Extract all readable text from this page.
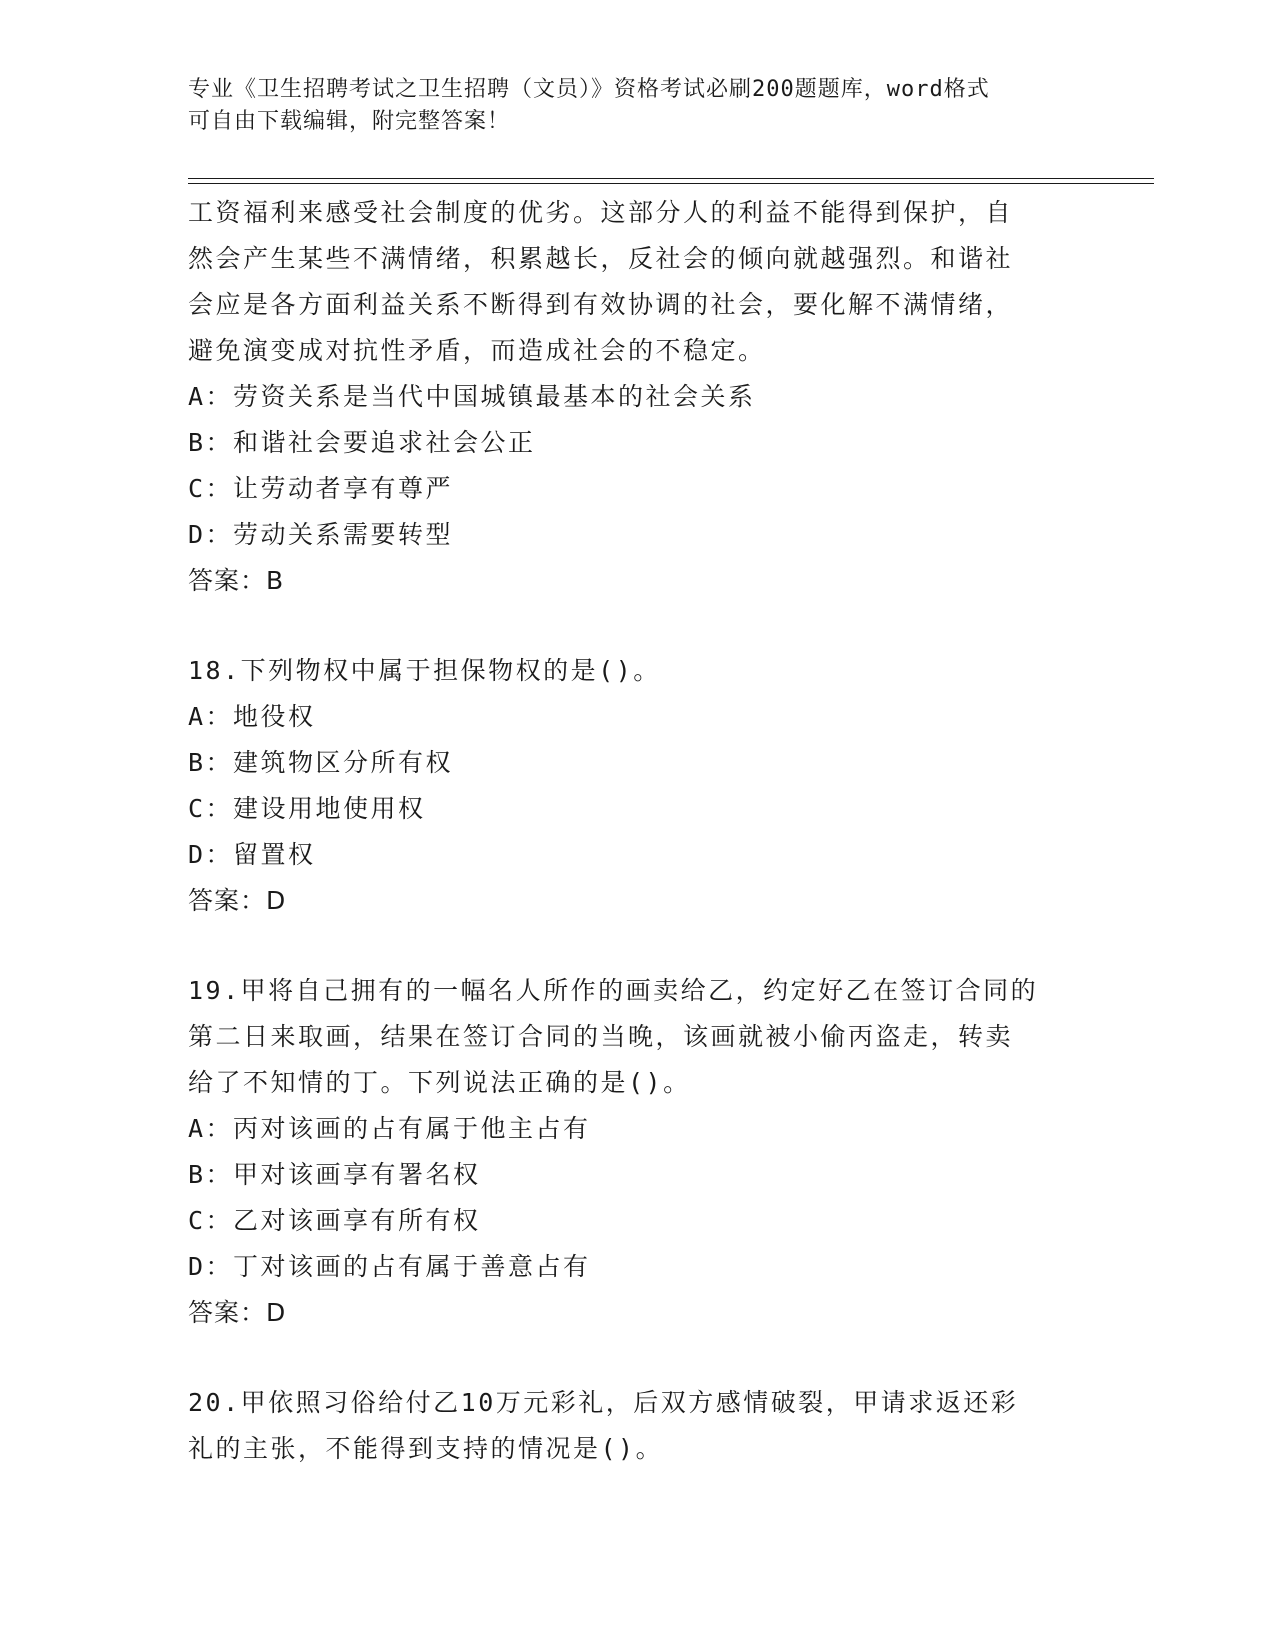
专业《卫生招聘考试之卫生招聘（文员）》资格考试必刷200题题库，word格式
可自由下载编辑，附完整答案！
工资福利来感受社会制度的优劣。这部分人的利益不能得到保护，自
然会产生某些不满情绪，积累越长，反社会的倾向就越强烈。和谐社
会应是各方面利益关系不断得到有效协调的社会，要化解不满情绪，
避免演变成对抗性矛盾，而造成社会的不稳定。
A：劳资关系是当代中国城镇最基本的社会关系
B：和谐社会要追求社会公正
C：让劳动者享有尊严
D：劳动关系需要转型
答案：B
18.下列物权中属于担保物权的是()。
A：地役权
B：建筑物区分所有权
C：建设用地使用权
D：留置权
答案：D
19.甲将自己拥有的一幅名人所作的画卖给乙，约定好乙在签订合同的
第二日来取画，结果在签订合同的当晚，该画就被小偷丙盗走，转卖
给了不知情的丁。下列说法正确的是()。
A：丙对该画的占有属于他主占有
B：甲对该画享有署名权
C：乙对该画享有所有权
D：丁对该画的占有属于善意占有
答案：D
20.甲依照习俗给付乙10万元彩礼，后双方感情破裂，甲请求返还彩
礼的主张，不能得到支持的情况是()。
